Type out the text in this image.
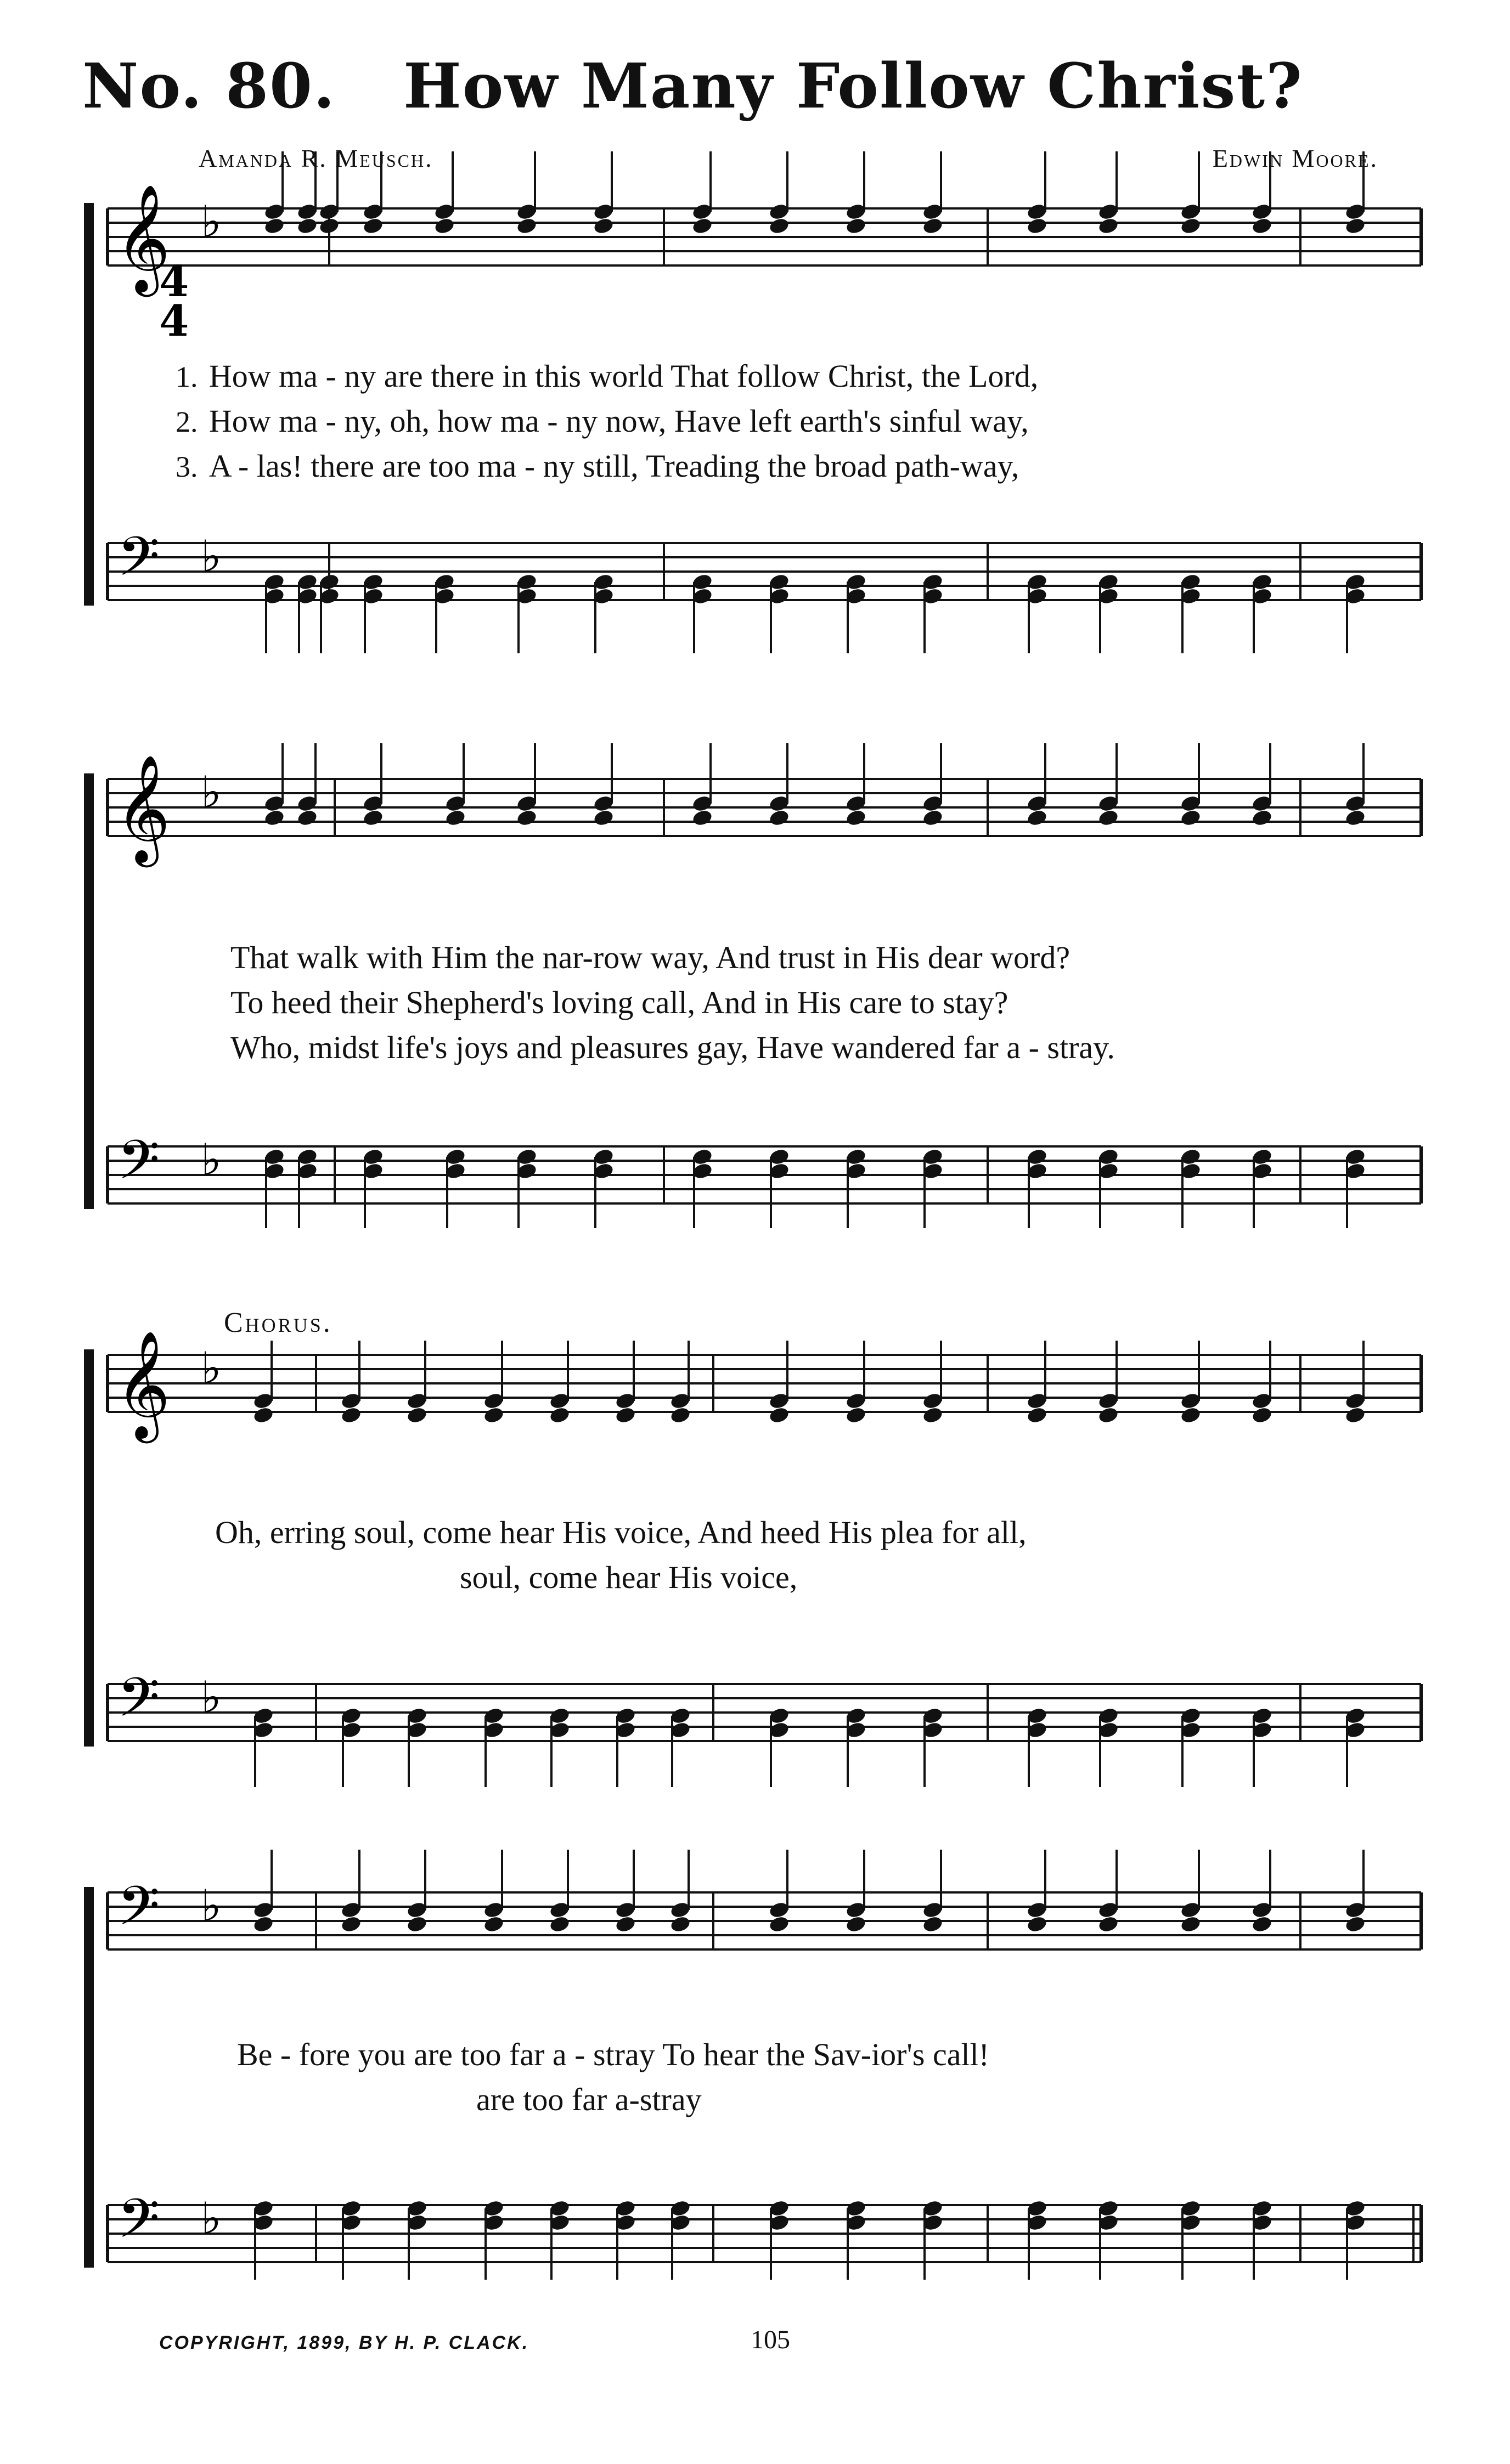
No. 80. How Many Follow Christ?
Amanda R. Meusch.	Edwin Moore.
𝄞 ♭
𝄢 ♭
𝄞 ♭
𝄢 ♭
𝄞 ♭
𝄢 ♭
𝄢 ♭
𝄢 ♭
4
4
1. How ma - ny are there in this world That follow Christ, the Lord,
2. How ma - ny, oh, how ma - ny now, Have left earth's sinful way,
3. A - las! there are too ma - ny still, Treading the broad path-way,
That walk with Him the nar-row way, And trust in His dear word?
To heed their Shepherd's loving call, And in His care to stay?
Who, midst life's joys and pleasures gay, Have wandered far a - stray.
Chorus.
Oh, erring soul, come hear His voice, And heed His plea for all,
soul, come hear His voice,
Be - fore you are too far a - stray To hear the Sav-ior's call!
are too far a-stray
COPYRIGHT, 1899, BY H. P. CLACK.	105
